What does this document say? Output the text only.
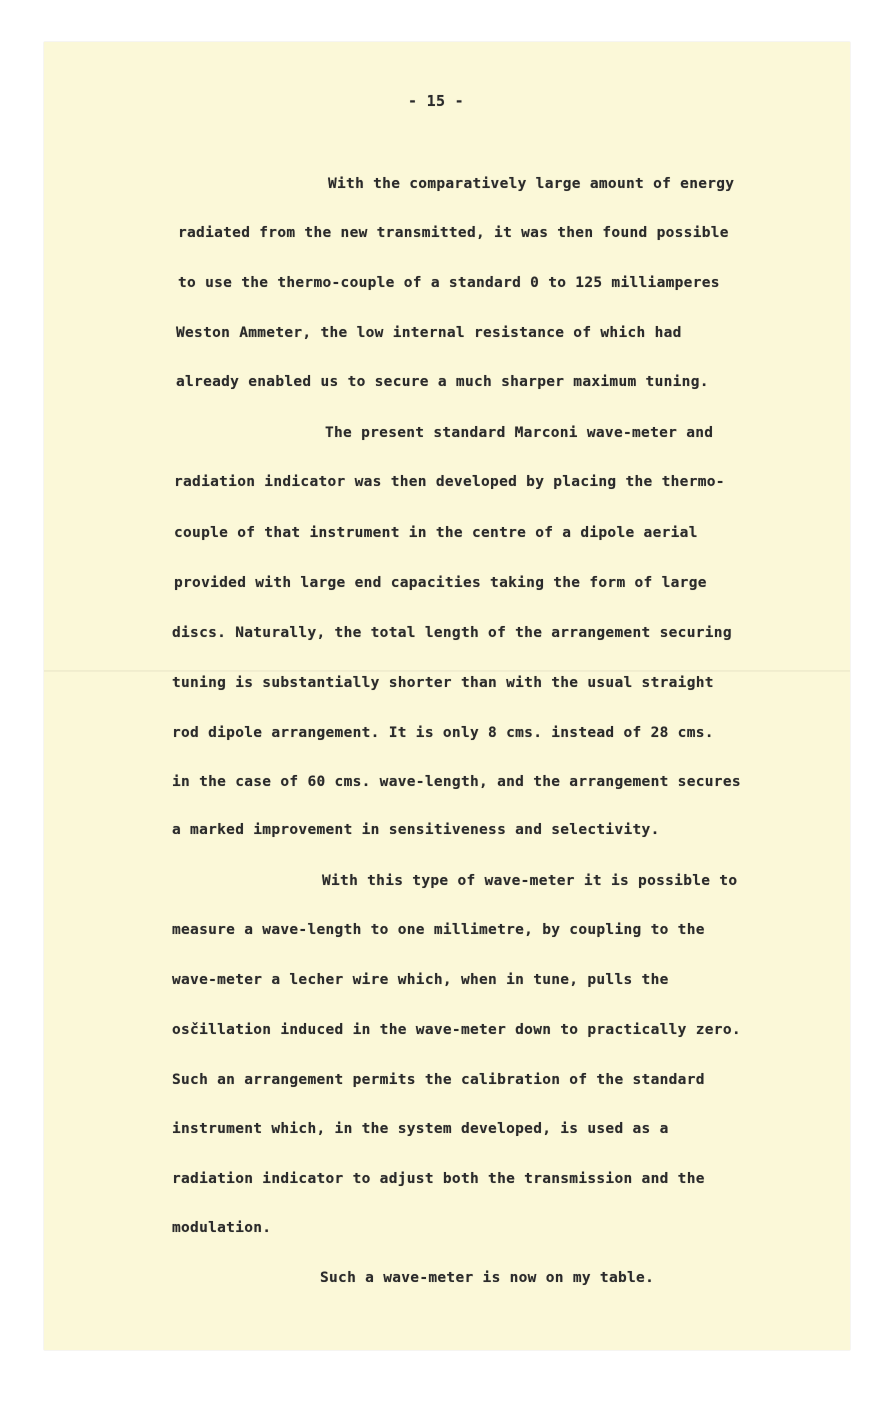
- 15 -
With the comparatively large amount of energy
radiated from the new transmitted, it was then found possible
to use the thermo-couple of a standard 0 to 125 milliamperes
Weston Ammeter, the low internal resistance of which had
already enabled us to secure a much sharper maximum tuning.
The present standard Marconi wave-meter and
radiation indicator was then developed by placing the thermo-
couple of that instrument in the centre of a dipole aerial
provided with large end capacities taking the form of large
discs. Naturally, the total length of the arrangement securing
tuning is substantially shorter than with the usual straight
rod dipole arrangement. It is only 8 cms. instead of 28 cms.
in the case of 60 cms. wave-length, and the arrangement secures
a marked improvement in sensitiveness and selectivity.
With this type of wave-meter it is possible to
measure a wave-length to one millimetre, by coupling to the
wave-meter a lecher wire which, when in tune, pulls the
osčillation induced in the wave-meter down to practically zero.
Such an arrangement permits the calibration of the standard
instrument which, in the system developed, is used as a
radiation indicator to adjust both the transmission and the
modulation.
Such a wave-meter is now on my table.
